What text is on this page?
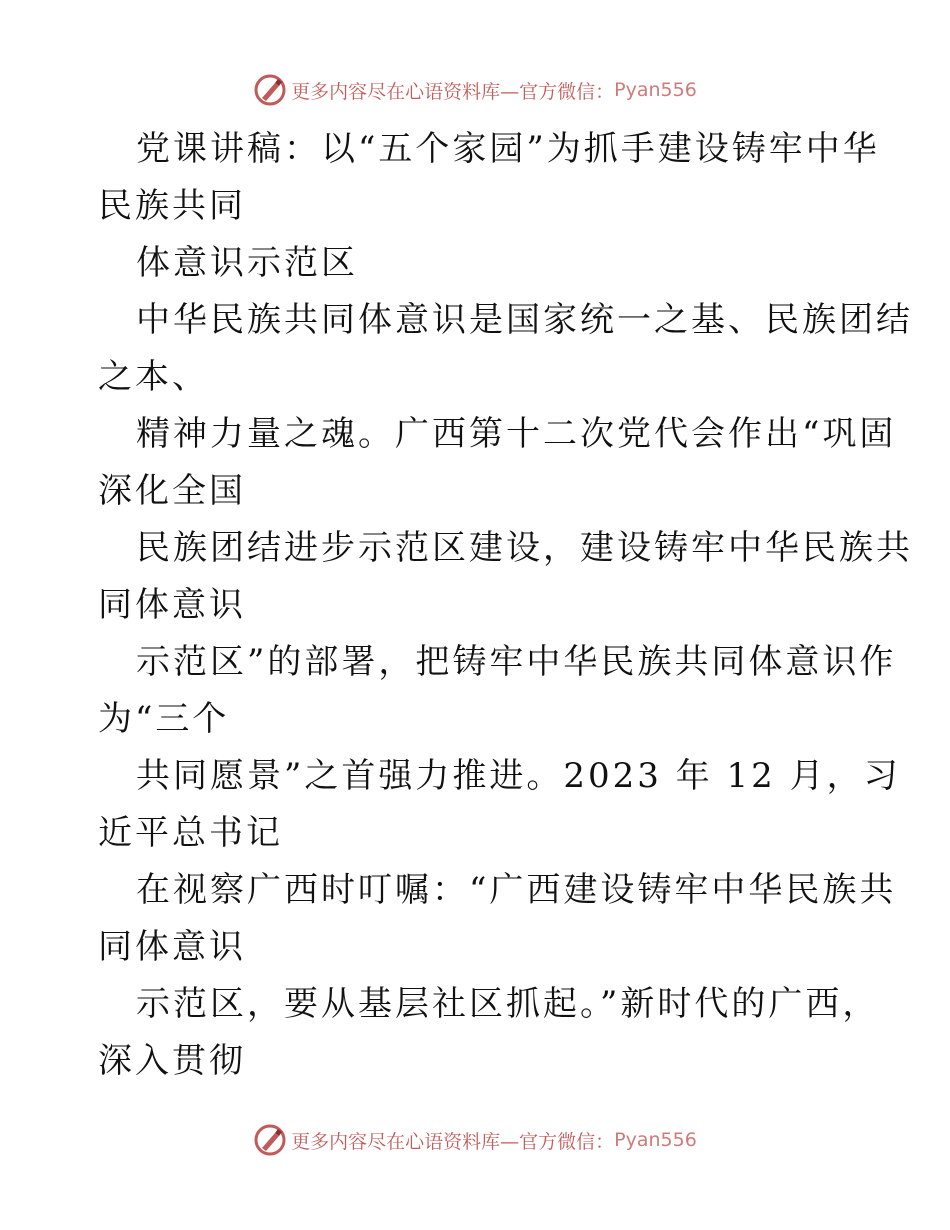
更多内容尽在心语资料库—官方微信： Pyan556
党课讲稿：以“五个家园”为抓手建设铸牢中华
民族共同
体意识示范区
中华民族共同体意识是国家统一之基、民族团结
之本、
精神力量之魂。广西第十二次党代会作出“巩固
深化全国
民族团结进步示范区建设，建设铸牢中华民族共
同体意识
示范区”的部署，把铸牢中华民族共同体意识作
为“三个
共同愿景”之首强力推进。2023 年 12 月，习
近平总书记
在视察广西时叮嘱：“广西建设铸牢中华民族共
同体意识
示范区，要从基层社区抓起。”新时代的广西，
深入贯彻
更多内容尽在心语资料库—官方微信： Pyan556
